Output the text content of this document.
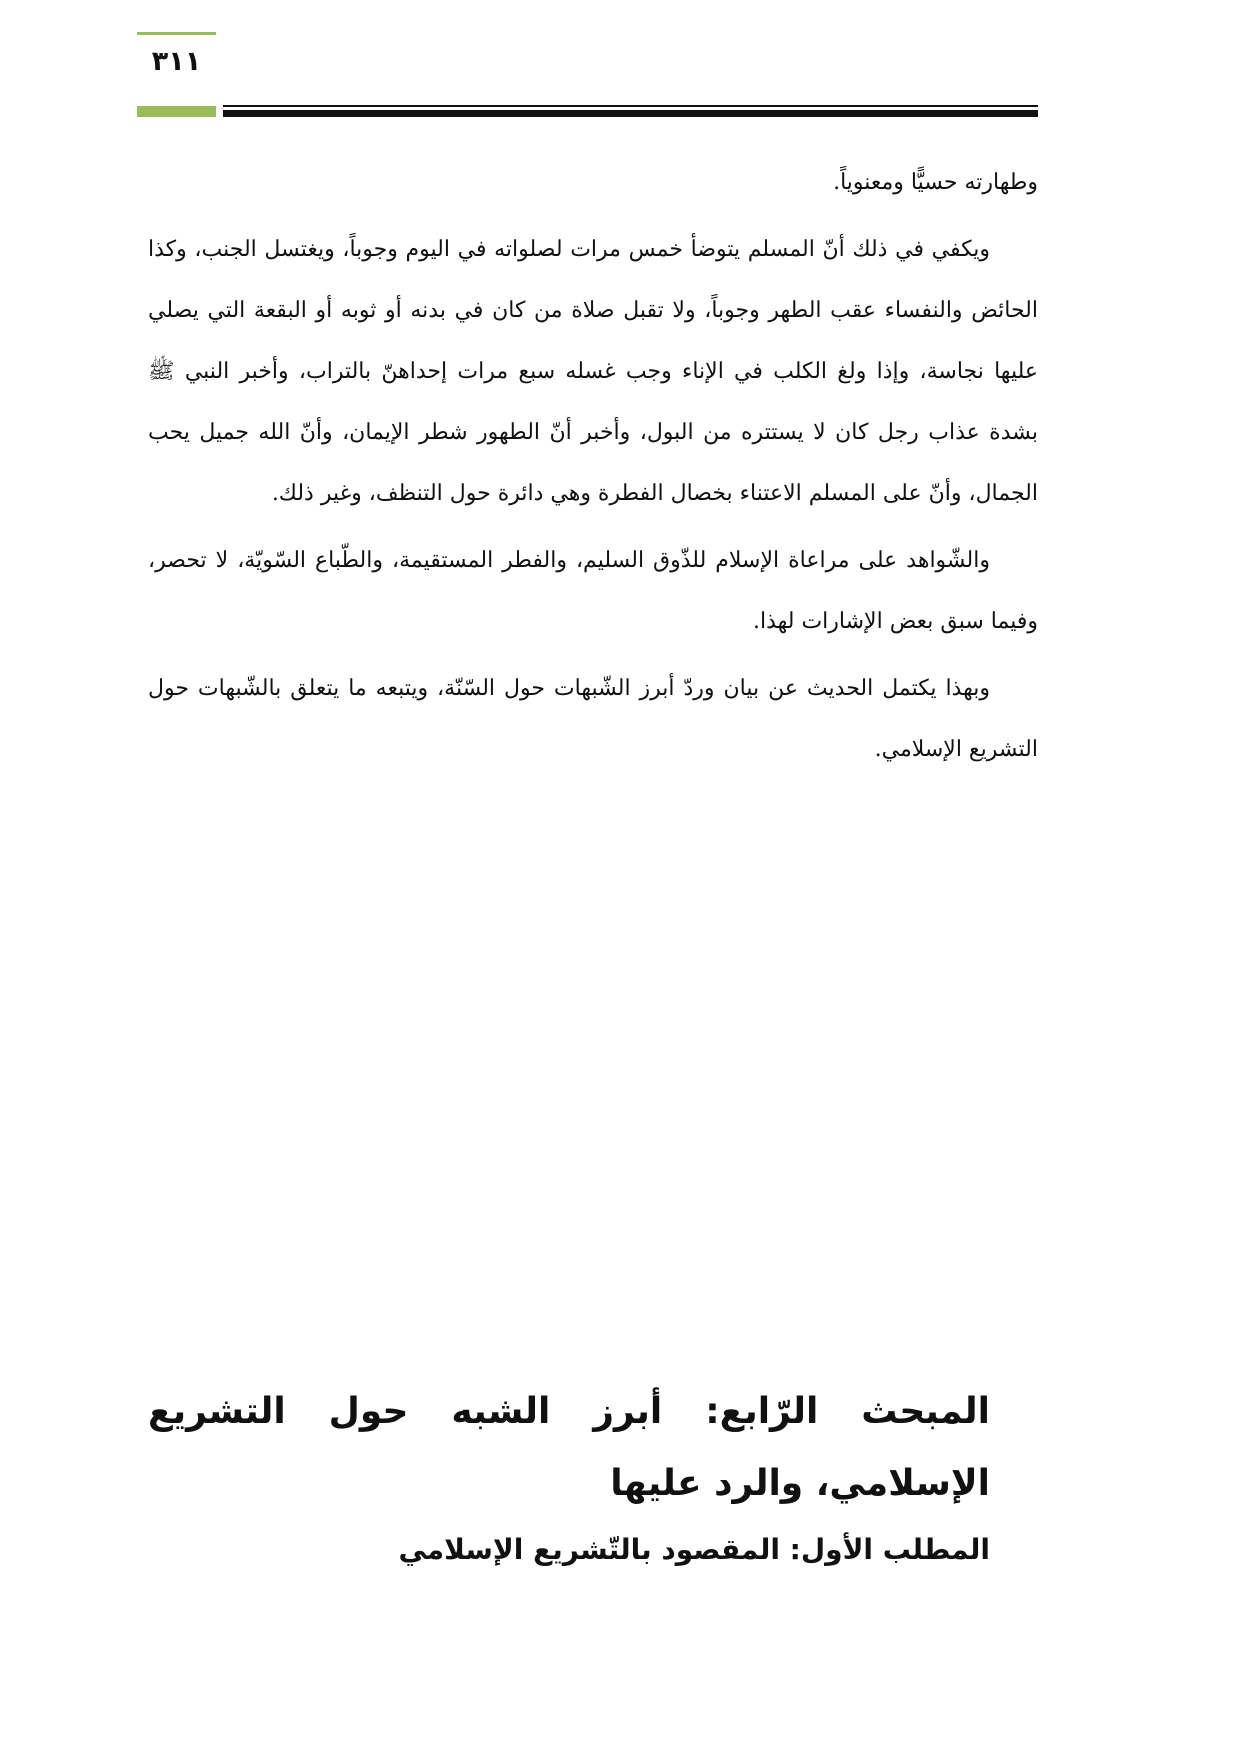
٣١١

وطهارته حسيًّا ومعنوياً.

ويكفي في ذلك أنّ المسلم يتوضأ خمس مرات لصلواته في اليوم وجوباً، ويغتسل الجنب، وكذا الحائض والنفساء عقب الطهر وجوباً، ولا تقبل صلاة من كان في بدنه أو ثوبه أو البقعة التي يصلي عليها نجاسة، وإذا ولغ الكلب في الإناء وجب غسله سبع مرات إحداهنّ بالتراب، وأخبر النبي ﷺ بشدة عذاب رجل كان لا يستتره من البول، وأخبر أنّ الطهور شطر الإيمان، وأنّ الله جميل يحب الجمال، وأنّ على المسلم الاعتناء بخصال الفطرة وهي دائرة حول التنظف، وغير ذلك.

والشّواهد على مراعاة الإسلام للذّوق السليم، والفطر المستقيمة، والطّباع السّويّة، لا تحصر، وفيما سبق بعض الإشارات لهذا.

وبهذا يكتمل الحديث عن بيان وردّ أبرز الشّبهات حول السّنّة، ويتبعه ما يتعلق بالشّبهات حول التشريع الإسلامي.

المبحث الرّابع: أبرز الشبه حول التشريع الإسلامي، والرد عليها
المطلب الأول: المقصود بالتّشريع الإسلامي
